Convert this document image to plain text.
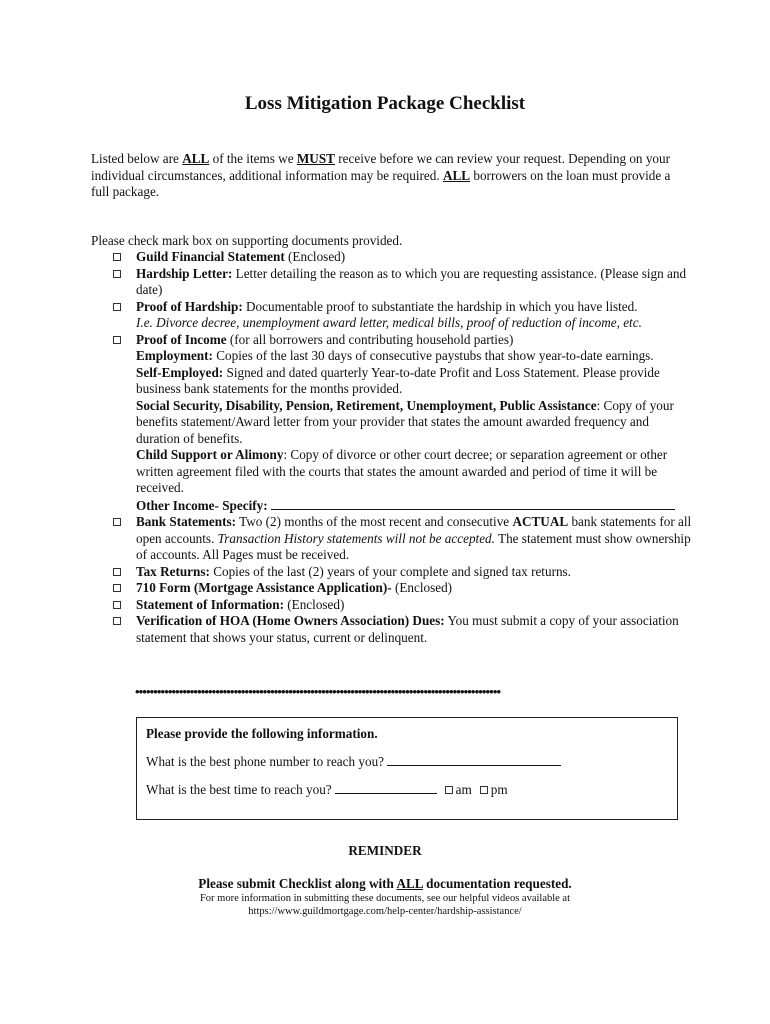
Loss Mitigation Package Checklist
Listed below are ALL of the items we MUST receive before we can review your request. Depending on your individual circumstances, additional information may be required. ALL borrowers on the loan must provide a full package.
Please check mark box on supporting documents provided.
Guild Financial Statement (Enclosed)
Hardship Letter: Letter detailing the reason as to which you are requesting assistance. (Please sign and date)
Proof of Hardship: Documentable proof to substantiate the hardship in which you have listed.
I.e. Divorce decree, unemployment award letter, medical bills, proof of reduction of income, etc.
Proof of Income (for all borrowers and contributing household parties)
Employment: Copies of the last 30 days of consecutive paystubs that show year-to-date earnings.
Self-Employed: Signed and dated quarterly Year-to-date Profit and Loss Statement. Please provide business bank statements for the months provided.
Social Security, Disability, Pension, Retirement, Unemployment, Public Assistance: Copy of your benefits statement/Award letter from your provider that states the amount awarded frequency and duration of benefits.
Child Support or Alimony: Copy of divorce or other court decree; or separation agreement or other written agreement filed with the courts that states the amount awarded and period of time it will be received.
Other Income- Specify:
Bank Statements: Two (2) months of the most recent and consecutive ACTUAL bank statements for all open accounts. Transaction History statements will not be accepted. The statement must show ownership of accounts. All Pages must be received.
Tax Returns: Copies of the last (2) years of your complete and signed tax returns.
710 Form (Mortgage Assistance Application)- (Enclosed)
Statement of Information: (Enclosed)
Verification of HOA (Home Owners Association) Dues: You must submit a copy of your association statement that shows your status, current or delinquent.
••••••••••••••••••••••••••••••••••••••••••••••••••••••••••••••••••••••••••••••••••••••••••••••••••••
Please provide the following information.
What is the best phone number to reach you?
What is the best time to reach you?	am pm
REMINDER
Please submit Checklist along with ALL documentation requested.
For more information in submitting these documents, see our helpful videos available at
https://www.guildmortgage.com/help-center/hardship-assistance/
